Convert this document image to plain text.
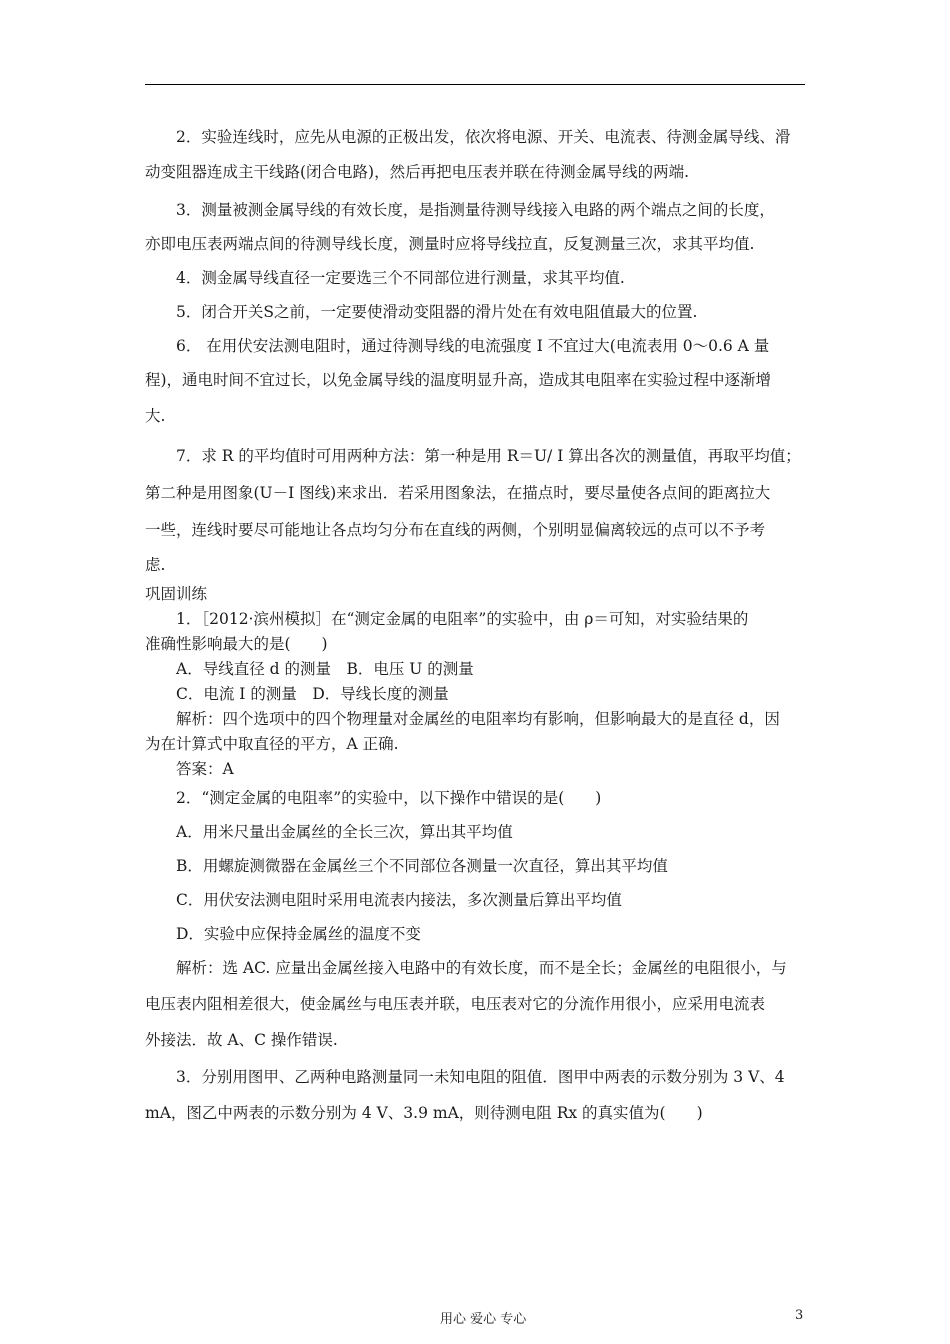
2．实验连线时，应先从电源的正极出发，依次将电源、开关、电流表、待测金属导线、滑
动变阻器连成主干线路(闭合电路)，然后再把电压表并联在待测金属导线的两端.
3．测量被测金属导线的有效长度，是指测量待测导线接入电路的两个端点之间的长度，
亦即电压表两端点间的待测导线长度，测量时应将导线拉直，反复测量三次，求其平均值.
4．测金属导线直径一定要选三个不同部位进行测量，求其平均值.
5．闭合开关S之前，一定要使滑动变阻器的滑片处在有效电阻值最大的位置.
6． 在用伏安法测电阻时，通过待测导线的电流强度 I 不宜过大(电流表用 0～0.6 A 量
程)，通电时间不宜过长，以免金属导线的温度明显升高，造成其电阻率在实验过程中逐渐增
大.
7．求 R 的平均值时可用两种方法：第一种是用 R＝U/ I 算出各次的测量值，再取平均值；
第二种是用图象(U－I 图线)来求出．若采用图象法，在描点时，要尽量使各点间的距离拉大
一些，连线时要尽可能地让各点均匀分布在直线的两侧，个别明显偏离较远的点可以不予考
虑.
巩固训练
1．［2012·滨州模拟］在“测定金属的电阻率”的实验中，由 ρ＝可知，对实验结果的
准确性影响最大的是(　　)
A．导线直径 d 的测量　B．电压 U 的测量
C．电流 I 的测量　D．导线长度的测量
解析：四个选项中的四个物理量对金属丝的电阻率均有影响，但影响最大的是直径 d，因
为在计算式中取直径的平方，A 正确.
答案：A
2．“测定金属的电阻率”的实验中，以下操作中错误的是(　　)
A．用米尺量出金属丝的全长三次，算出其平均值
B．用螺旋测微器在金属丝三个不同部位各测量一次直径，算出其平均值
C．用伏安法测电阻时采用电流表内接法，多次测量后算出平均值
D．实验中应保持金属丝的温度不变
解析：选 AC. 应量出金属丝接入电路中的有效长度，而不是全长；金属丝的电阻很小，与
电压表内阻相差很大，使金属丝与电压表并联，电压表对它的分流作用很小，应采用电流表
外接法．故 A、C 操作错误.
3．分别用图甲、乙两种电路测量同一未知电阻的阻值．图甲中两表的示数分别为 3 V、4
mA，图乙中两表的示数分别为 4 V、3.9 mA，则待测电阻 Rx 的真实值为(　　)
用心 爱心 专心	3
